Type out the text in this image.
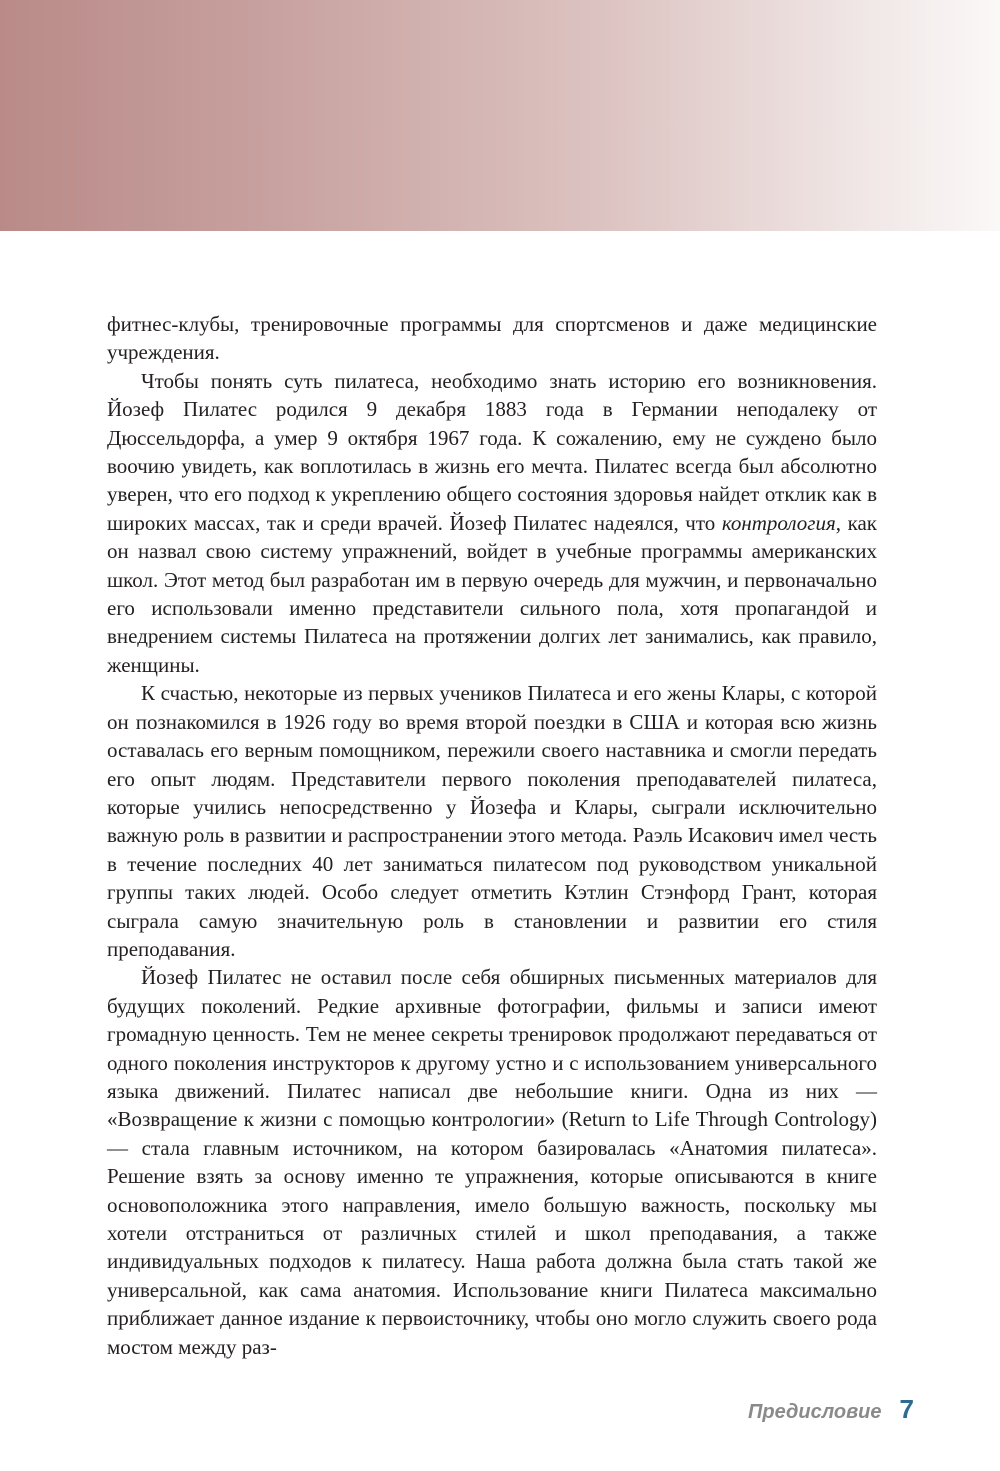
фитнес-клубы, тренировочные программы для спортсменов и даже медицинские учреждения.

Чтобы понять суть пилатеса, необходимо знать историю его возникновения. Йозеф Пилатес родился 9 декабря 1883 года в Германии неподалеку от Дюссельдорфа, а умер 9 октября 1967 года. К сожалению, ему не суждено было воочию увидеть, как воплотилась в жизнь его мечта. Пилатес всегда был абсолютно уверен, что его подход к укреплению общего состояния здоровья найдет отклик как в широких массах, так и среди врачей. Йозеф Пилатес надеялся, что контрология, как он назвал свою систему упражнений, войдет в учебные программы американских школ. Этот метод был разработан им в первую очередь для мужчин, и первоначально его использовали именно представители сильного пола, хотя пропагандой и внедрением системы Пилатеса на протяжении долгих лет занимались, как правило, женщины.

К счастью, некоторые из первых учеников Пилатеса и его жены Клары, с которой он познакомился в 1926 году во время второй поездки в США и которая всю жизнь оставалась его верным помощником, пережили своего наставника и смогли передать его опыт людям. Представители первого поколения преподавателей пилатеса, которые учились непосредственно у Йозефа и Клары, сыграли исключительно важную роль в развитии и распространении этого метода. Раэль Исакович имел честь в течение последних 40 лет заниматься пилатесом под руководством уникальной группы таких людей. Особо следует отметить Кэтлин Стэнфорд Грант, которая сыграла самую значительную роль в становлении и развитии его стиля преподавания.

Йозеф Пилатес не оставил после себя обширных письменных материалов для будущих поколений. Редкие архивные фотографии, фильмы и записи имеют громадную ценность. Тем не менее секреты тренировок продолжают передаваться от одного поколения инструкторов к другому устно и с использованием универсального языка движений. Пилатес написал две небольшие книги. Одна из них — «Возвращение к жизни с помощью контрологии» (Return to Life Through Contrology) — стала главным источником, на котором базировалась «Анатомия пилатеса». Решение взять за основу именно те упражнения, которые описываются в книге основоположника этого направления, имело большую важность, поскольку мы хотели отстраниться от различных стилей и школ преподавания, а также индивидуальных подходов к пилатесу. Наша работа должна была стать такой же универсальной, как сама анатомия. Использование книги Пилатеса максимально приближает данное издание к первоисточнику, чтобы оно могло служить своего рода мостом между раз-

Предисловие 7
